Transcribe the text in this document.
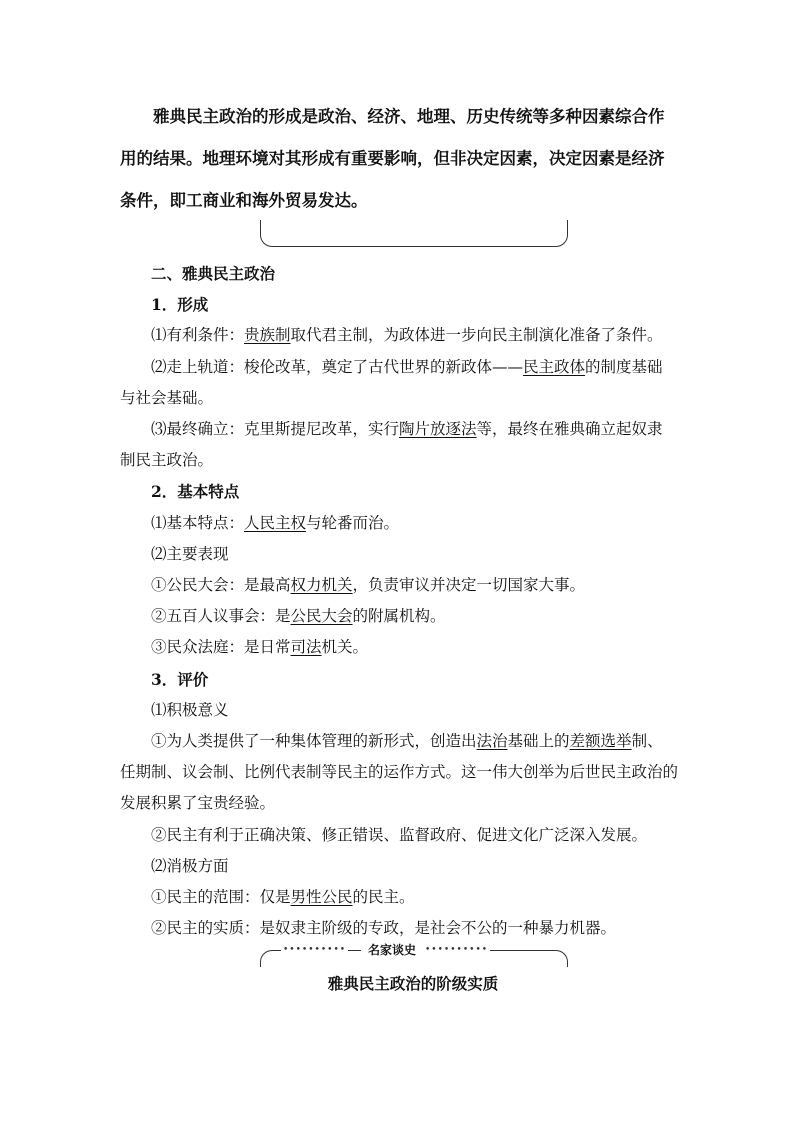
雅典民主政治的形成是政治、经济、地理、历史传统等多种因素综合作用的结果。地理环境对其形成有重要影响，但非决定因素，决定因素是经济条件，即工商业和海外贸易发达。

二、雅典民主政治

1．形成

⑴有利条件：贵族制取代君主制，为政体进一步向民主制演化准备了条件。

⑵走上轨道：梭伦改革，奠定了古代世界的新政体——民主政体的制度基础与社会基础。

⑶最终确立：克里斯提尼改革，实行陶片放逐法等，最终在雅典确立起奴隶制民主政治。

2．基本特点

⑴基本特点：人民主权与轮番而治。

⑵主要表现

①公民大会：是最高权力机关，负责审议并决定一切国家大事。

②五百人议事会：是公民大会的附属机构。

③民众法庭：是日常司法机关。

3．评价

⑴积极意义

①为人类提供了一种集体管理的新形式，创造出法治基础上的差额选举制、任期制、议会制、比例代表制等民主的运作方式。这一伟大创举为后世民主政治的发展积累了宝贵经验。

②民主有利于正确决策、修正错误、监督政府、促进文化广泛深入发展。

⑵消极方面

①民主的范围：仅是男性公民的民主。

②民主的实质：是奴隶主阶级的专政，是社会不公的一种暴力机器。

••••••••••	名家谈史	••••••••••
雅典民主政治的阶级实质
